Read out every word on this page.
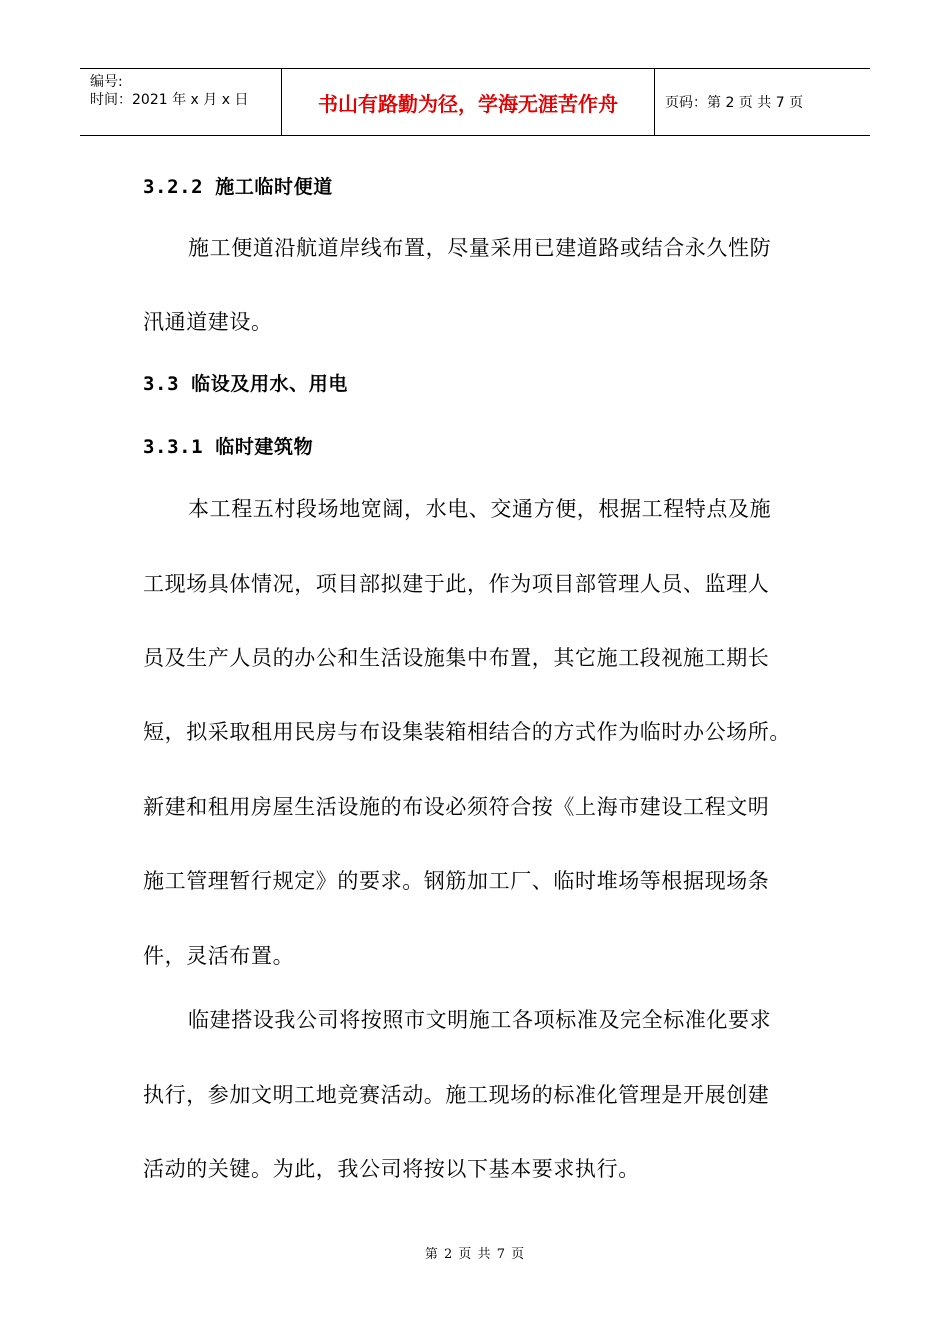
编号:
时间：2021 年 x 月 x 日	书山有路勤为径，学海无涯苦作舟	页码：第 2 页 共 7 页
3.2.2 施工临时便道
施工便道沿航道岸线布置，尽量采用已建道路或结合永久性防
汛通道建设。
3.3 临设及用水、用电
3.3.1 临时建筑物
本工程五村段场地宽阔，水电、交通方便，根据工程特点及施
工现场具体情况，项目部拟建于此，作为项目部管理人员、监理人
员及生产人员的办公和生活设施集中布置，其它施工段视施工期长
短，拟采取租用民房与布设集装箱相结合的方式作为临时办公场所。
新建和租用房屋生活设施的布设必须符合按《上海市建设工程文明
施工管理暂行规定》的要求。钢筋加工厂、临时堆场等根据现场条
件，灵活布置。
临建搭设我公司将按照市文明施工各项标准及完全标准化要求
执行，参加文明工地竞赛活动。施工现场的标准化管理是开展创建
活动的关键。为此，我公司将按以下基本要求执行。
第 2 页 共 7 页
